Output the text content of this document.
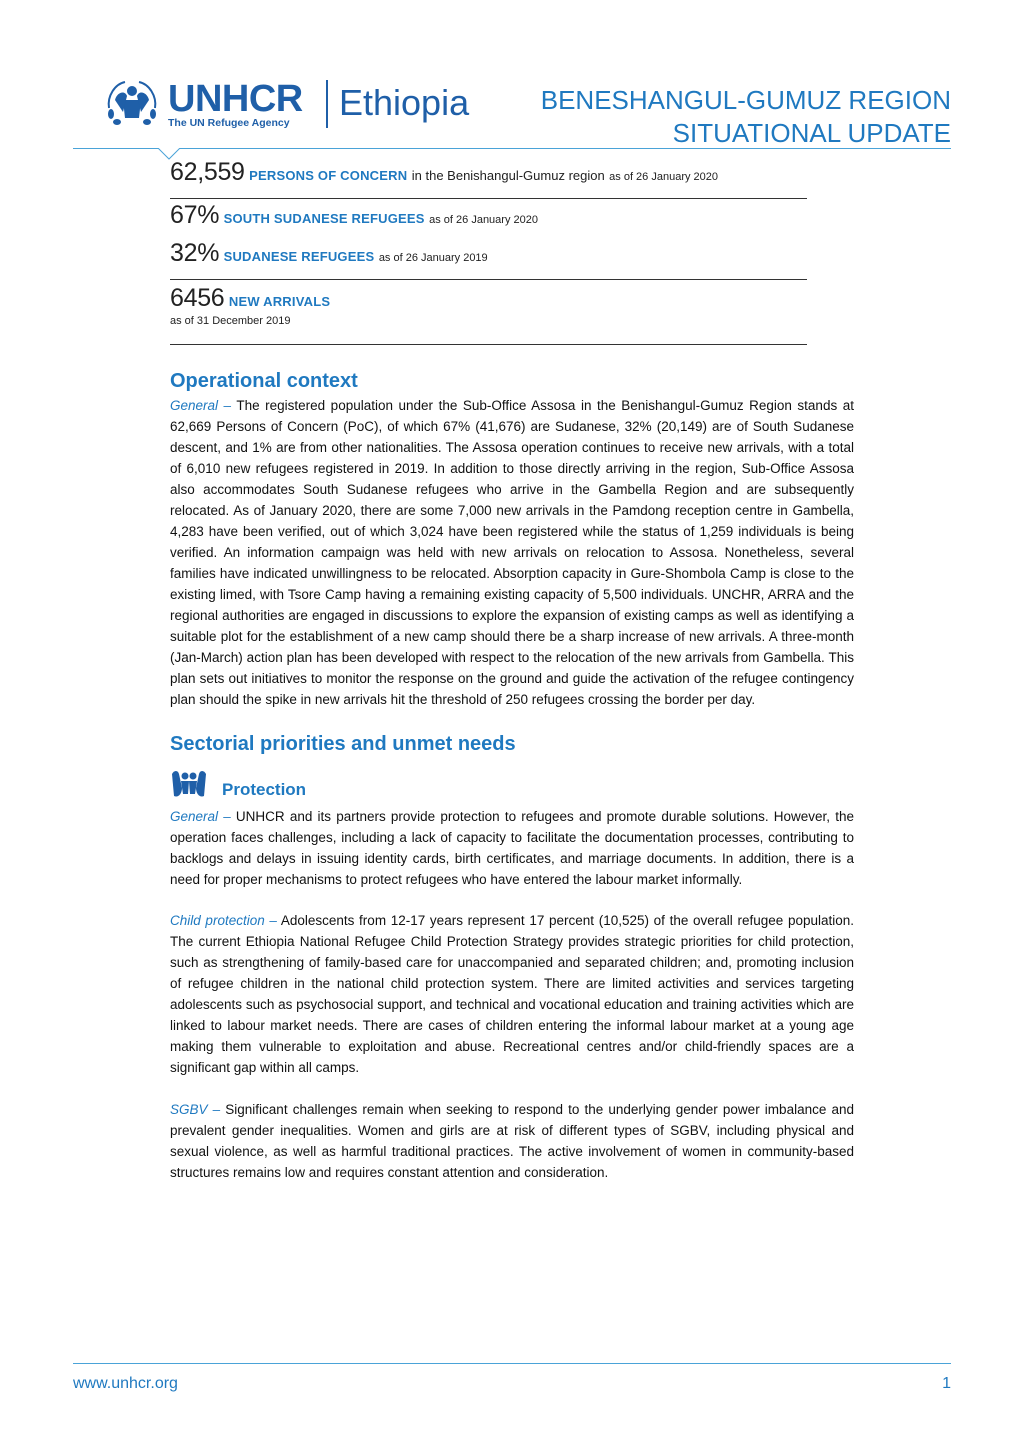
UNHCR
The UN Refugee Agency Ethiopia	BENESHANGUL-GUMUZ REGION
SITUATIONAL UPDATE
62,559 PERSONS OF CONCERN in the Benishangul-Gumuz region as of 26 January 2020
67% SOUTH SUDANESE REFUGEES as of 26 January 2020
32% SUDANESE REFUGEES as of 26 January 2019
6456 NEW ARRIVALS
as of 31 December 2019
Operational context

General – The registered population under the Sub-Office Assosa in the Benishangul-Gumuz Region stands at 62,669 Persons of Concern (PoC), of which 67% (41,676) are Sudanese, 32% (20,149) are of South Sudanese descent, and 1% are from other nationalities. The Assosa operation continues to receive new arrivals, with a total of 6,010 new refugees registered in 2019. In addition to those directly arriving in the region, Sub-Office Assosa also accommodates South Sudanese refugees who arrive in the Gambella Region and are subsequently relocated. As of January 2020, there are some 7,000 new arrivals in the Pamdong reception centre in Gambella, 4,283 have been verified, out of which 3,024 have been registered while the status of 1,259 individuals is being verified. An information campaign was held with new arrivals on relocation to Assosa. Nonetheless, several families have indicated unwillingness to be relocated. Absorption capacity in Gure-Shombola Camp is close to the existing limed, with Tsore Camp having a remaining existing capacity of 5,500 individuals. UNCHR, ARRA and the regional authorities are engaged in discussions to explore the expansion of existing camps as well as identifying a suitable plot for the establishment of a new camp should there be a sharp increase of new arrivals. A three-month (Jan-March) action plan has been developed with respect to the relocation of the new arrivals from Gambella. This plan sets out initiatives to monitor the response on the ground and guide the activation of the refugee contingency plan should the spike in new arrivals hit the threshold of 250 refugees crossing the border per day.

Sectorial priorities and unmet needs
Protection

General – UNHCR and its partners provide protection to refugees and promote durable solutions. However, the operation faces challenges, including a lack of capacity to facilitate the documentation processes, contributing to backlogs and delays in issuing identity cards, birth certificates, and marriage documents. In addition, there is a need for proper mechanisms to protect refugees who have entered the labour market informally.

Child protection – Adolescents from 12-17 years represent 17 percent (10,525) of the overall refugee population. The current Ethiopia National Refugee Child Protection Strategy provides strategic priorities for child protection, such as strengthening of family-based care for unaccompanied and separated children; and, promoting inclusion of refugee children in the national child protection system. There are limited activities and services targeting adolescents such as psychosocial support, and technical and vocational education and training activities which are linked to labour market needs. There are cases of children entering the informal labour market at a young age making them vulnerable to exploitation and abuse. Recreational centres and/or child-friendly spaces are a significant gap within all camps.

SGBV – Significant challenges remain when seeking to respond to the underlying gender power imbalance and prevalent gender inequalities. Women and girls are at risk of different types of SGBV, including physical and sexual violence, as well as harmful traditional practices. The active involvement of women in community-based structures remains low and requires constant attention and consideration.

www.unhcr.org	1
